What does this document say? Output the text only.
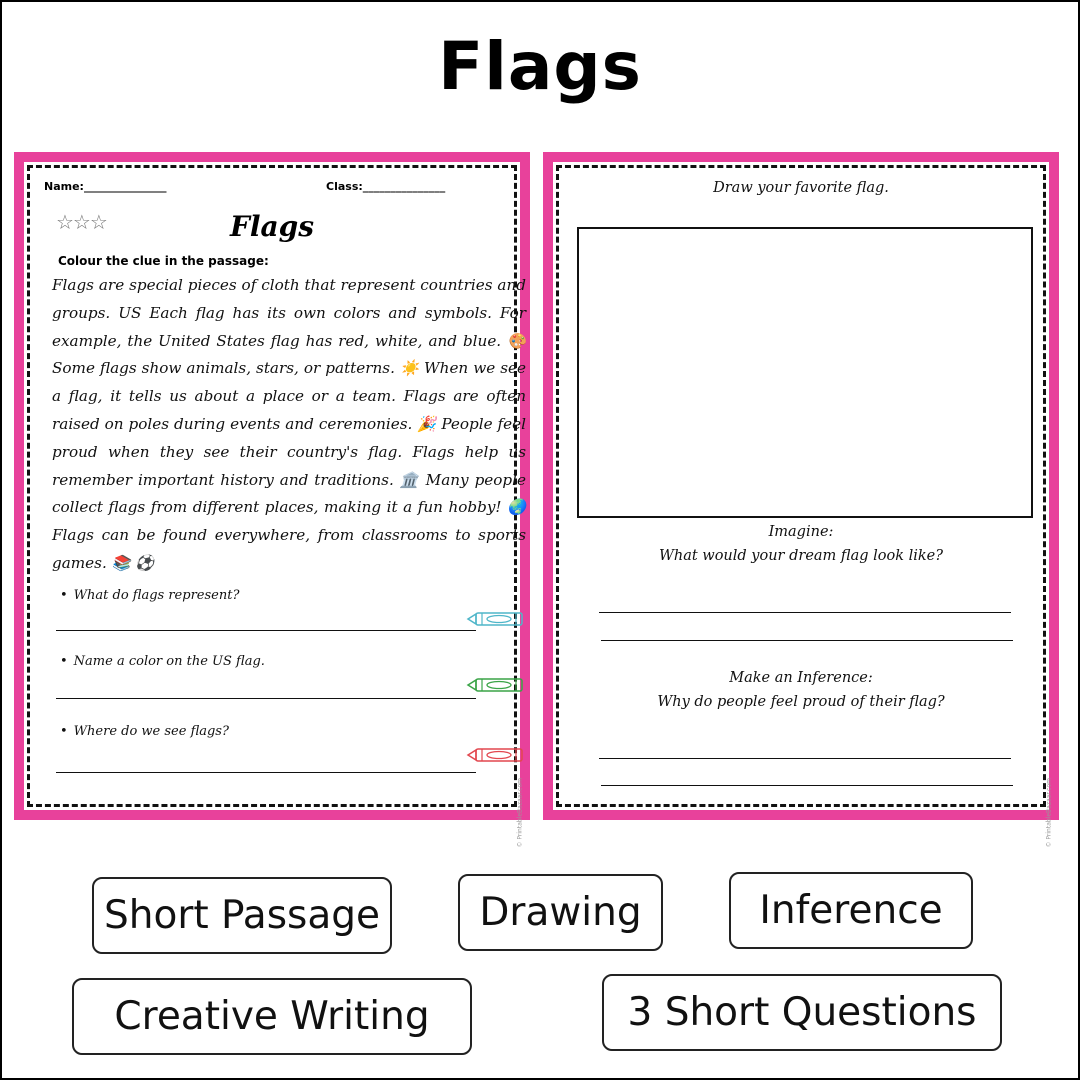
Flags
Name:_______________	Class:_______________
☆☆☆	Flags
Colour the clue in the passage:
Flags are special pieces of cloth that represent countries and groups. US Each flag has its own colors and symbols. For example, the United States flag has red, white, and blue. 🎨 Some flags show animals, stars, or patterns. ☀️ When we see a flag, it tells us about a place or a team. Flags are often raised on poles during events and ceremonies. 🎉 People feel proud when they see their country's flag. Flags help us remember important history and traditions. 🏛️ Many people collect flags from different places, making it a fun hobby! 🌏 Flags can be found everywhere, from classrooms to sports games. 📚 ⚽
• What do flags represent?
• Name a color on the US flag.
• Where do we see flags?
© PrintableBazaar.com
Draw your favorite flag.
Imagine:
What would your dream flag look like?
Make an Inference:
Why do people feel proud of their flag?
© PrintableBazaar.com
Short Passage	Drawing	Inference
Creative Writing	3 Short Questions
